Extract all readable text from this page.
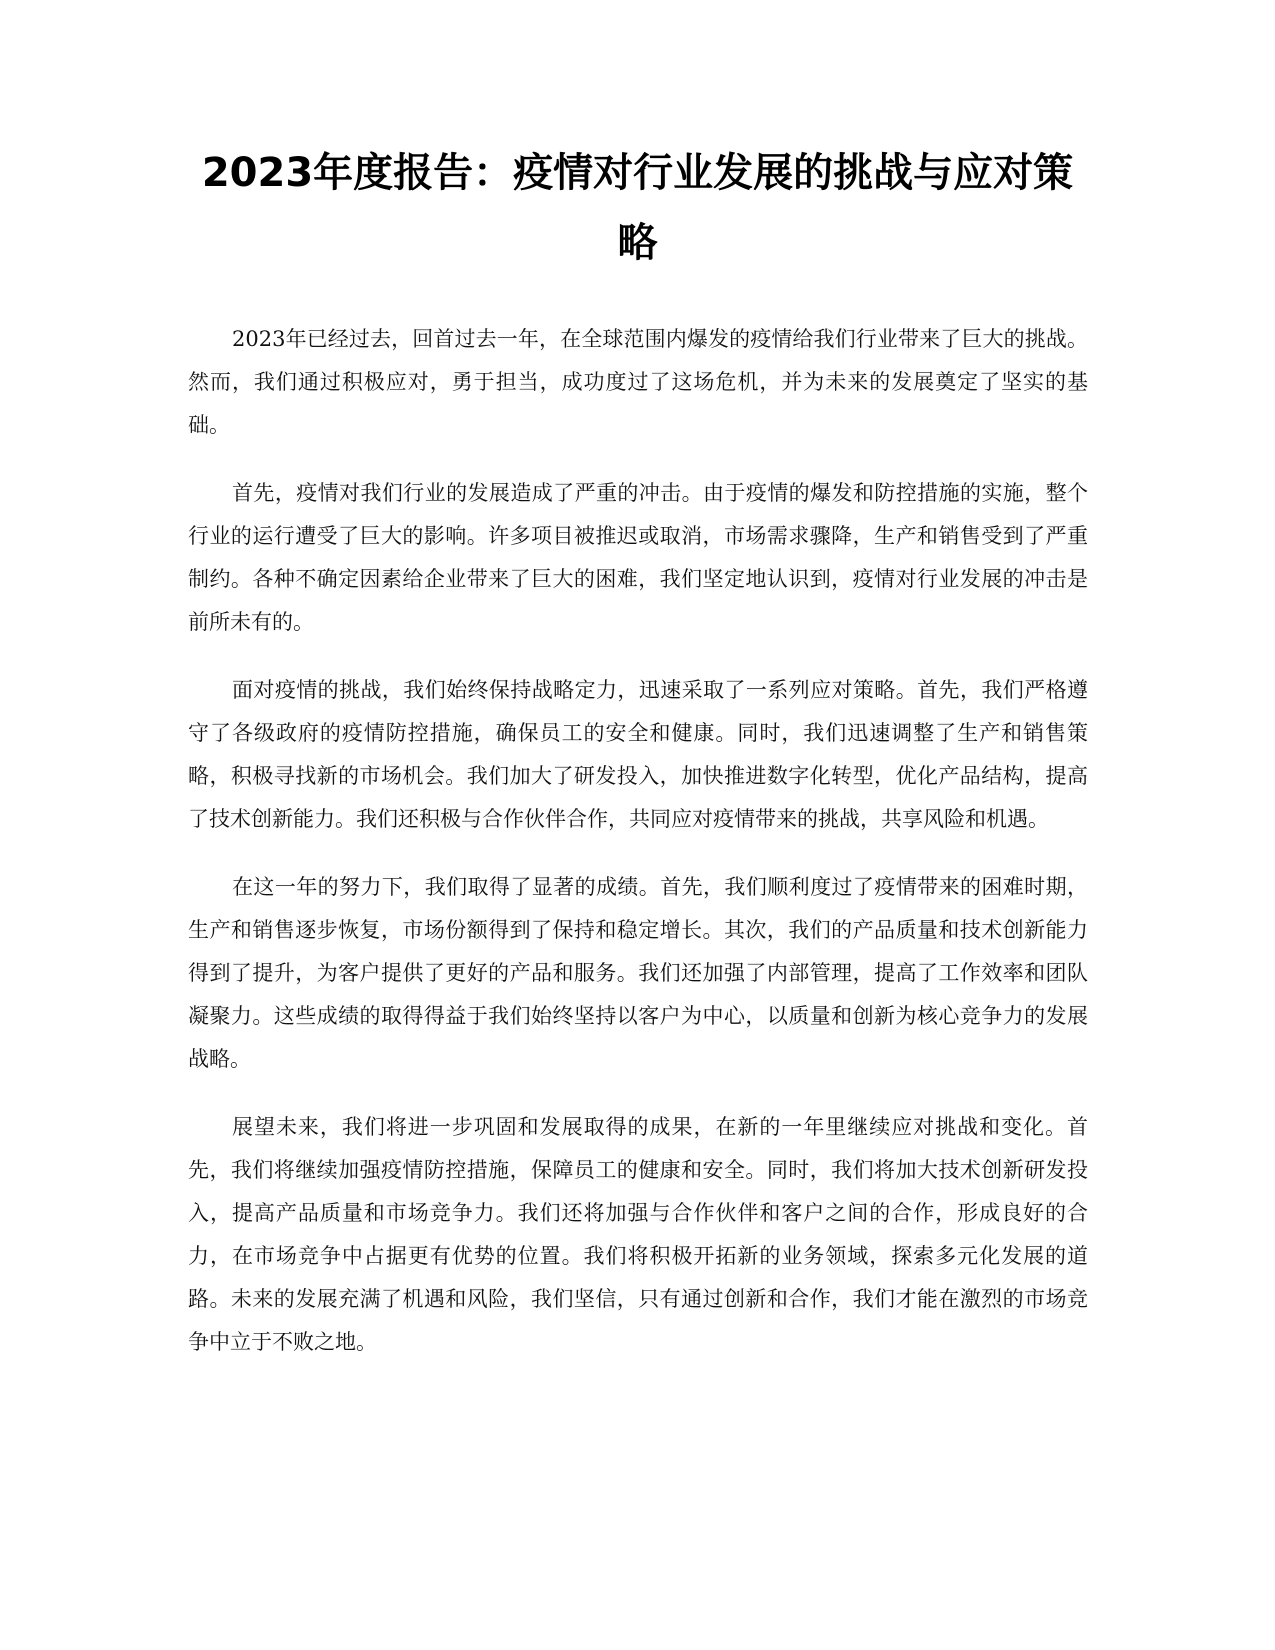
2023年度报告：疫情对行业发展的挑战与应对策略

2023年已经过去，回首过去一年，在全球范围内爆发的疫情给我们行业带来了巨大的挑战。然而，我们通过积极应对，勇于担当，成功度过了这场危机，并为未来的发展奠定了坚实的基础。

首先，疫情对我们行业的发展造成了严重的冲击。由于疫情的爆发和防控措施的实施，整个行业的运行遭受了巨大的影响。许多项目被推迟或取消，市场需求骤降，生产和销售受到了严重制约。各种不确定因素给企业带来了巨大的困难，我们坚定地认识到，疫情对行业发展的冲击是前所未有的。

面对疫情的挑战，我们始终保持战略定力，迅速采取了一系列应对策略。首先，我们严格遵守了各级政府的疫情防控措施，确保员工的安全和健康。同时，我们迅速调整了生产和销售策略，积极寻找新的市场机会。我们加大了研发投入，加快推进数字化转型，优化产品结构，提高了技术创新能力。我们还积极与合作伙伴合作，共同应对疫情带来的挑战，共享风险和机遇。

在这一年的努力下，我们取得了显著的成绩。首先，我们顺利度过了疫情带来的困难时期，生产和销售逐步恢复，市场份额得到了保持和稳定增长。其次，我们的产品质量和技术创新能力得到了提升，为客户提供了更好的产品和服务。我们还加强了内部管理，提高了工作效率和团队凝聚力。这些成绩的取得得益于我们始终坚持以客户为中心，以质量和创新为核心竞争力的发展战略。

展望未来，我们将进一步巩固和发展取得的成果，在新的一年里继续应对挑战和变化。首先，我们将继续加强疫情防控措施，保障员工的健康和安全。同时，我们将加大技术创新研发投入，提高产品质量和市场竞争力。我们还将加强与合作伙伴和客户之间的合作，形成良好的合力，在市场竞争中占据更有优势的位置。我们将积极开拓新的业务领域，探索多元化发展的道路。未来的发展充满了机遇和风险，我们坚信，只有通过创新和合作，我们才能在激烈的市场竞争中立于不败之地。
